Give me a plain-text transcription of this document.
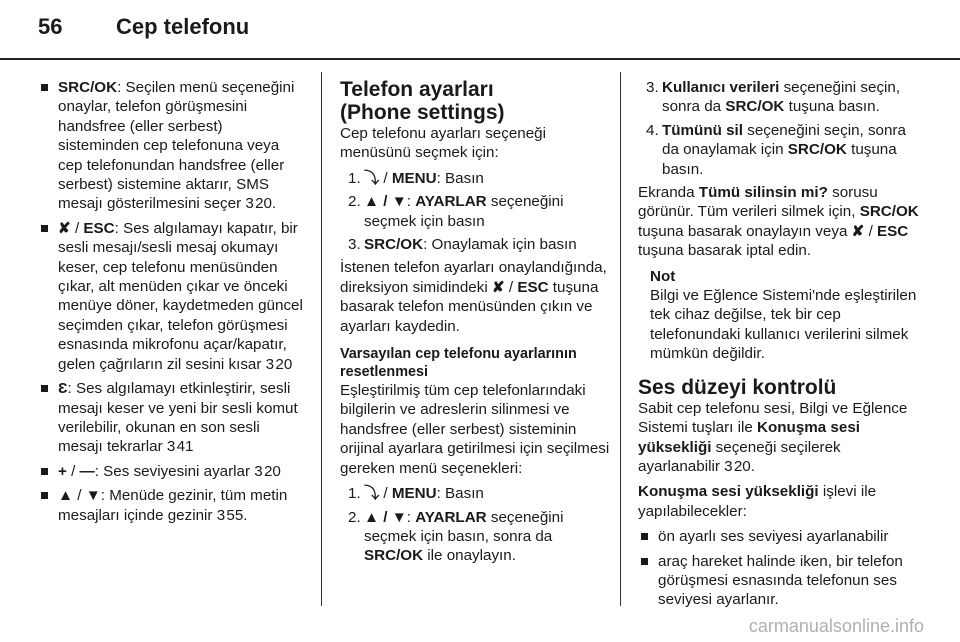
56 Cep telefonu
SRC/OK: Seçilen menü seçeneğini onaylar, telefon görüşmesini handsfree (eller serbest) sisteminden cep telefonuna veya cep telefonundan handsfree (eller serbest) sistemine aktarır, SMS mesajı gösterilmesini seçer 3 20.
✘ / ESC: Ses algılamayı kapatır, bir sesli mesajı/sesli mesaj okumayı keser, cep telefonu menüsünden çıkar, alt menüden çıkar ve önceki menüye döner, kaydetmeden güncel seçimden çıkar, telefon görüşmesi esnasında mikrofonu açar/kapatır, gelen çağrıların zil sesini kısar 3 20
Ɛ: Ses algılamayı etkinleştirir, sesli mesajı keser ve yeni bir sesli komut verilebilir, okunan en son sesli mesajı tekrarlar 3 41
+ / —: Ses seviyesini ayarlar 3 20
▲ / ▼: Menüde gezinir, tüm metin mesajları içinde gezinir 3 55.

Telefon ayarları

(Phone settings)

Cep telefonu ayarları seçeneği menüsünü seçmek için:

1. ⤵ / MENU: Basın
2. ▲ / ▼: AYARLAR seçeneğini seçmek için basın
3. SRC/OK: Onaylamak için basın

İstenen telefon ayarları onaylandığında, direksiyon simidindeki ✘ / ESC tuşuna basarak telefon menüsünden çıkın ve ayarları kaydedin.

Varsayılan cep telefonu ayarlarının resetlenmesi

Eşleştirilmiş tüm cep telefonlarındaki bilgilerin ve adreslerin silinmesi ve handsfree (eller serbest) sisteminin orijinal ayarlara getirilmesi için seçilmesi gereken menü seçenekleri:

1. ⤵ / MENU: Basın
2. ▲ / ▼: AYARLAR seçeneğini seçmek için basın, sonra da SRC/OK ile onaylayın.
3. Kullanıcı verileri seçeneğini seçin, sonra da SRC/OK tuşuna basın.
4. Tümünü sil seçeneğini seçin, sonra da onaylamak için SRC/OK tuşuna basın.

Ekranda Tümü silinsin mi? sorusu görünür. Tüm verileri silmek için, SRC/OK tuşuna basarak onaylayın veya ✘ / ESC tuşuna basarak iptal edin.

Not

Bilgi ve Eğlence Sistemi'nde eşleştirilen tek cihaz değilse, tek bir cep telefonundaki kullanıcı verilerini silmek mümkün değildir.

Ses düzeyi kontrolü

Sabit cep telefonu sesi, Bilgi ve Eğlence Sistemi tuşları ile Konuşma sesi yüksekliği seçeneği seçilerek ayarlanabilir 3 20.

Konuşma sesi yüksekliği işlevi ile yapılabilecekler:

ön ayarlı ses seviyesi ayarlanabilir
araç hareket halinde iken, bir telefon görüşmesi esnasında telefonun ses seviyesi ayarlanır.
carmanualsonline.info
